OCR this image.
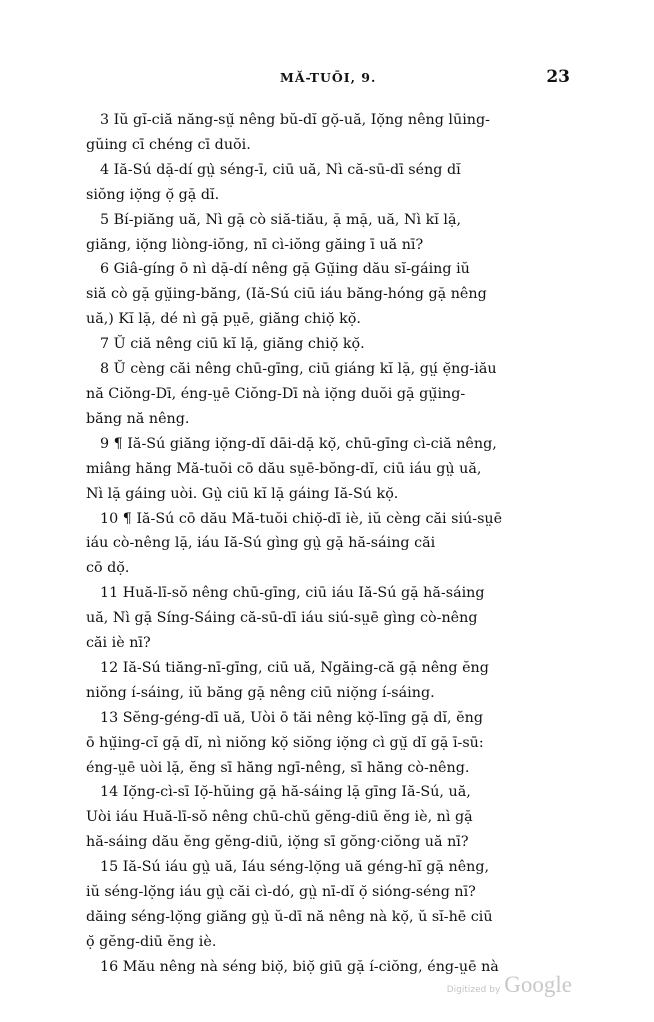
MĂ-TUŌI, 9.	23
3 Iŭ gĭ-ciă năng-sṳ̆ nêng bŭ-dĭ gọ̆-uă, Iọ̆ng nêng lūing-
gŭing cī chéng cī duŏi.
4 Iă-Sú dặ-dí gṳ̀ séng-ī, ciū uă, Nì că-sū-dī séng dĭ
siŏng iọ̆ng ọ̆ gặ dĭ.
5 Bí-piăng uă, Nì gặ cò siă-tiău, ặ mặ, uă, Nì kĭ lặ,
giăng, iọ̆ng liòng-iŏng, nī cì-iŏng găing ī uă nī?
6 Giâ-gíng ō nì dặ-dí nêng gặ Gṳ̆ing dău sĭ-gáing iŭ
siă cò gặ gṳ̆ing-băng, (Iă-Sú ciū iáu băng-hóng gặ nêng
uă,) Kĭ lặ, dé nì gặ pṳē, giăng chiọ̆ kọ̆.
7 Ŭ ciă nêng ciū kĭ lặ, giăng chiọ̆ kọ̆.
8 Ŭ cèng căi nêng chū-gīng, ciū giáng kĭ lặ, gṳ́ ẹ̆ng-iău
nă Ciŏng-Dī, éng-ṳē Ciŏng-Dī nà iọ̆ng duŏi gặ gṳ̆ing-
băng nă nêng.
9 ¶ Iă-Sú giăng iọ̆ng-dĭ dāi-dặ kọ̆, chū-gīng cì-ciă nêng,
miâng hăng Mă-tuŏi cō dău sṳē-bŏng-dĭ, ciū iáu gṳ̀ uă,
Nì lặ gáing uòi. Gṳ̀ ciū kĭ lặ gáing Iă-Sú kọ̆.
10 ¶ Iă-Sú cō dău Mă-tuŏi chiọ̆-dī iè, iŭ cèng căi siú-sṳē
iáu cò-nêng lặ, iáu Iă-Sú gìng gṳ̀ gặ hă-sáing căi
cō dọ̆.
11 Huă-lī-sŏ nêng chū-gīng, ciū iáu Iă-Sú gặ hă-sáing
uă, Nì gặ Síng-Sáing că-sū-dī iáu siú-sṳē gìng cò-nêng
căi iè nī?
12 Iă-Sú tiăng-nī-gīng, ciū uă, Ngăing-că gặ nêng ĕng
niŏng í-sáing, iŭ băng gặ nêng ciū niọ̆ng í-sáing.
13 Sĕng-géng-dī uă, Uòi ō tăi nêng kọ̆-līng gặ dĭ, ĕng
ō hṳ̆ing-cĭ gặ dĭ, nì niŏng kọ̆ siŏng iọ̆ng cì gṳ̆ dĭ gặ ī-sū:
éng-ṳē uòi lặ, ĕng sī hăng ngī-nêng, sī hăng cò-nêng.
14 Iọ̆ng-cì-sī Iọ̆-hŭing gặ hă-sáing lặ gīng Iă-Sú, uă,
Uòi iáu Huă-lī-sŏ nêng chū-chŭ gĕng-diū ĕng iè, nì gặ
hă-sáing dău ĕng gĕng-diū, iọ̆ng sī gŏng·ciŏng uă nī?
15 Iă-Sú iáu gṳ̀ uă, Iáu séng-lọ̆ng uă géng-hĭ gặ nêng,
iŭ séng-lọ̆ng iáu gṳ̀ căi cì-dó, gṳ̀ nī-dĭ ọ̆ sióng-séng nī?
dăing séng-lọ̆ng giăng gṳ̀ ŭ-dī nă nêng nà kọ̆, ŭ sĭ-hē ciū
ọ̆ gĕng-diū ĕng iè.
16 Mău nêng nà séng biọ̆, biọ̆ giū gặ í-ciŏng, éng-ṳē nà
Digitized by Google
